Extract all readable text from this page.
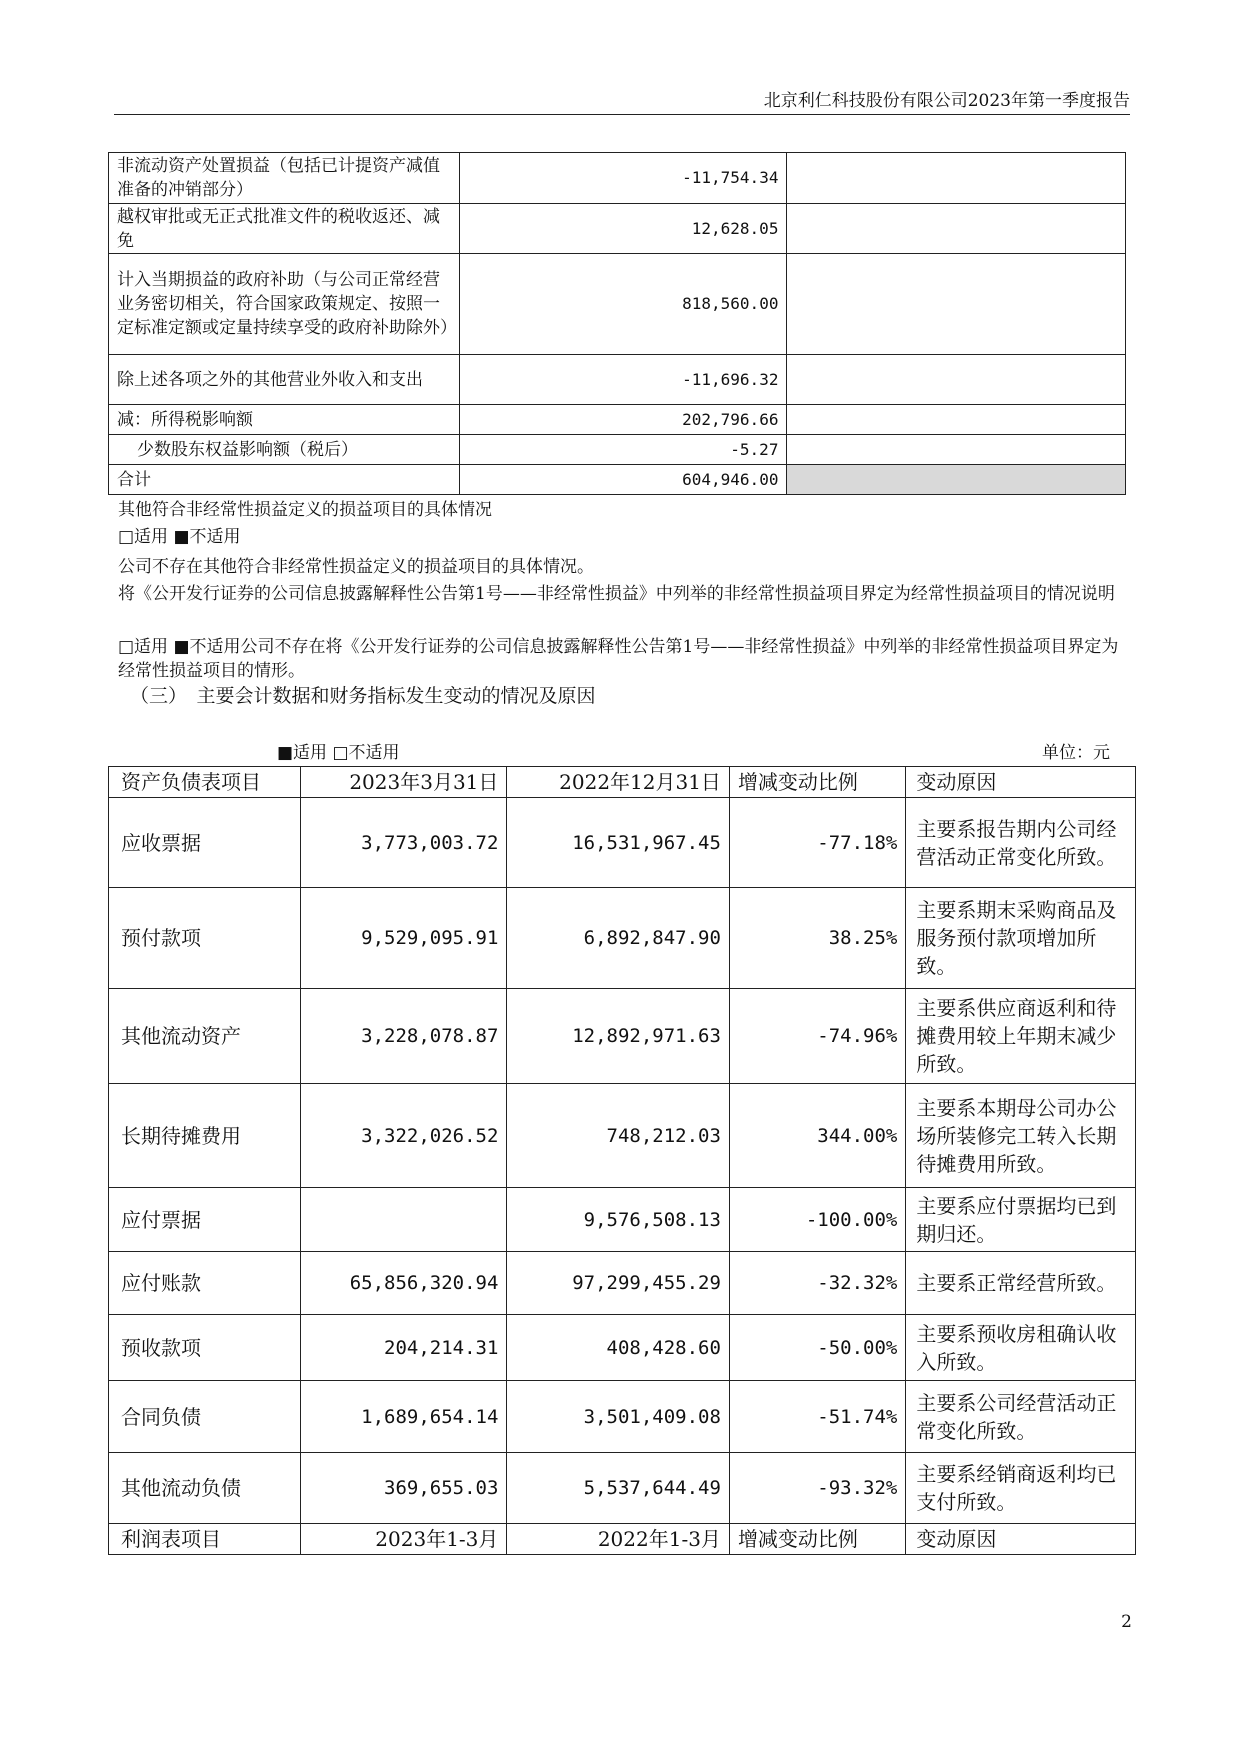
北京利仁科技股份有限公司2023年第一季度报告
非流动资产处置损益（包括已计提资产减值准备的冲销部分）	-11,754.34	
越权审批或无正式批准文件的税收返还、减免	12,628.05	
计入当期损益的政府补助（与公司正常经营业务密切相关，符合国家政策规定、按照一定标准定额或定量持续享受的政府补助除外）	818,560.00	
除上述各项之外的其他营业外收入和支出	-11,696.32	
减：所得税影响额	202,796.66	
少数股东权益影响额（税后）	-5.27	
合计	604,946.00	
其他符合非经常性损益定义的损益项目的具体情况
□适用 ■不适用
公司不存在其他符合非经常性损益定义的损益项目的具体情况。
将《公开发行证券的公司信息披露解释性公告第1号——非经常性损益》中列举的非经常性损益项目界定为经常性损益项目的情况说明
□适用 ■不适用公司不存在将《公开发行证券的公司信息披露解释性公告第1号——非经常性损益》中列举的非经常性损益项目界定为经常性损益项目的情形。
（三）　主要会计数据和财务指标发生变动的情况及原因
■适用 □不适用	单位：元
资产负债表项目	2023年3月31日	2022年12月31日	增减变动比例	变动原因
应收票据	3,773,003.72	16,531,967.45	-77.18%	主要系报告期内公司经营活动正常变化所致。
预付款项	9,529,095.91	6,892,847.90	38.25%	主要系期末采购商品及服务预付款项增加所致。
其他流动资产	3,228,078.87	12,892,971.63	-74.96%	主要系供应商返利和待摊费用较上年期末减少所致。
长期待摊费用	3,322,026.52	748,212.03	344.00%	主要系本期母公司办公场所装修完工转入长期待摊费用所致。
应付票据		9,576,508.13	-100.00%	主要系应付票据均已到期归还。
应付账款	65,856,320.94	97,299,455.29	-32.32%	主要系正常经营所致。
预收款项	204,214.31	408,428.60	-50.00%	主要系预收房租确认收入所致。
合同负债	1,689,654.14	3,501,409.08	-51.74%	主要系公司经营活动正常变化所致。
其他流动负债	369,655.03	5,537,644.49	-93.32%	主要系经销商返利均已支付所致。
利润表项目	2023年1-3月	2022年1-3月	增减变动比例	变动原因
2
